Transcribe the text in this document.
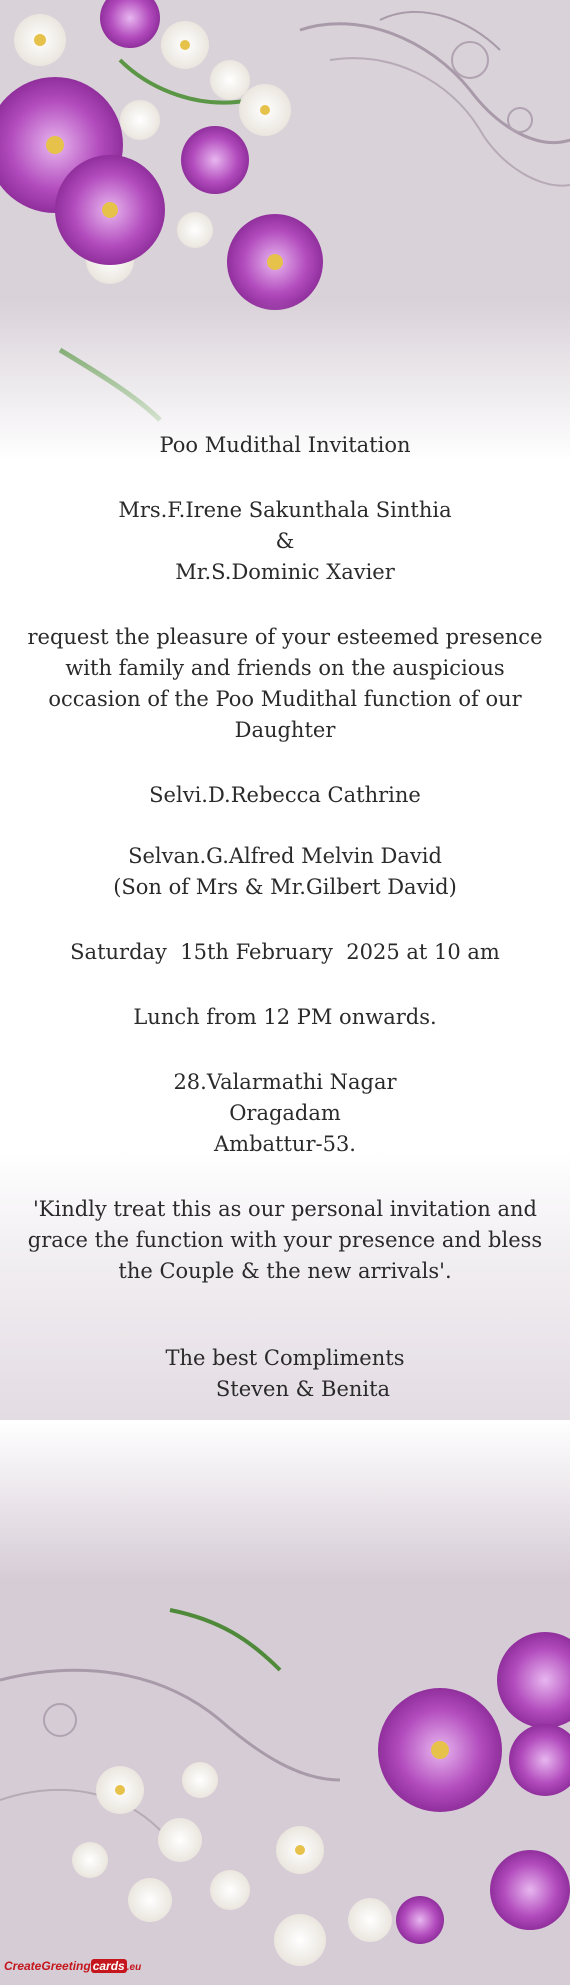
Poo Mudithal Invitation
Mrs.F.Irene Sakunthala Sinthia
&
Mr.S.Dominic Xavier
request the pleasure of your esteemed presence with family and friends on the auspicious occasion of the Poo Mudithal function of our Daughter
Selvi.D.Rebecca Cathrine
Selvan.G.Alfred Melvin David
(Son of Mrs & Mr.Gilbert David)
Saturday  15th February  2025 at 10 am
Lunch from 12 PM onwards.
28.Valarmathi Nagar
Oragadam
Ambattur-53.
'Kindly treat this as our personal invitation and grace the function with your presence and bless the Couple & the new arrivals'.
The best Compliments
Steven & Benita
CreateGreeting cards .eu
